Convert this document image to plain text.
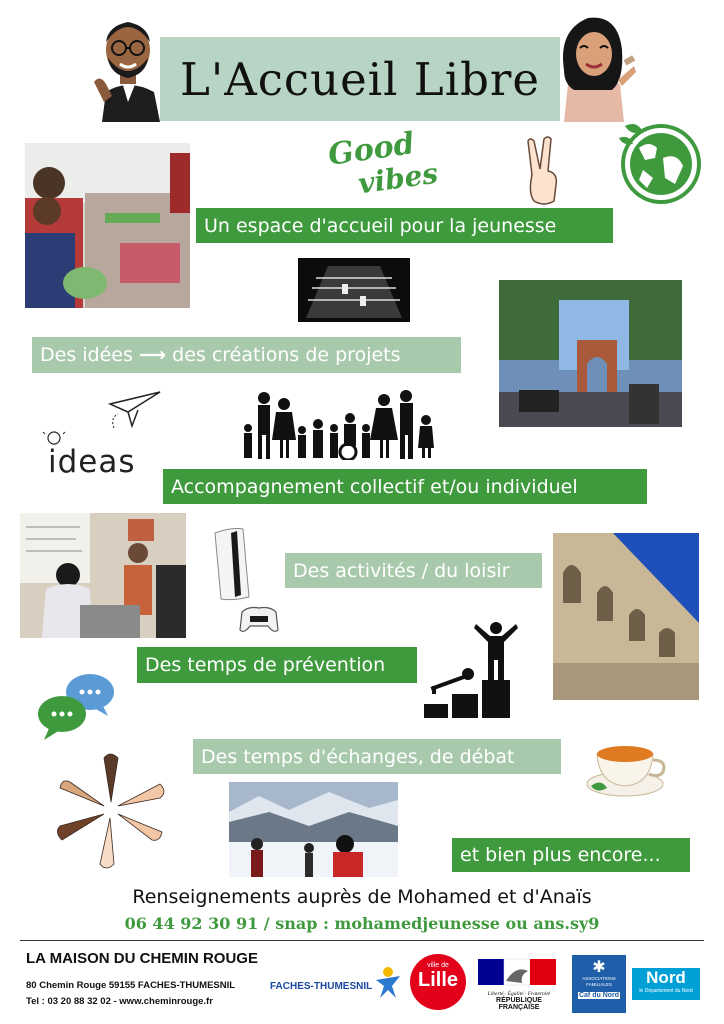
L'Accueil Libre
Good
vibes
Un espace d'accueil pour la jeunesse
Des idées ⟶ des créations de projets
ideas
Accompagnement collectif et/ou individuel
Des activités / du loisir
Des temps de prévention
Des temps d'échanges, de débat
et bien plus encore...
Renseignements auprès de Mohamed et d'Anaïs
06 44 92 30 91 / snap : mohamedjeunesse ou ans.sy9
LA MAISON DU CHEMIN ROUGE
80 Chemin Rouge 59155 FACHES-THUMESNIL
Tel : 03 20 88 32 02 - www.cheminrouge.fr
FACHES-THUMESNIL
ville de
Lille
Liberté · Égalité · Fraternité
RÉPUBLIQUE FRANÇAISE
✱
ASSOCIATIONS FAMILIALES
Caf du Nord
Nord
le Département du Nord
